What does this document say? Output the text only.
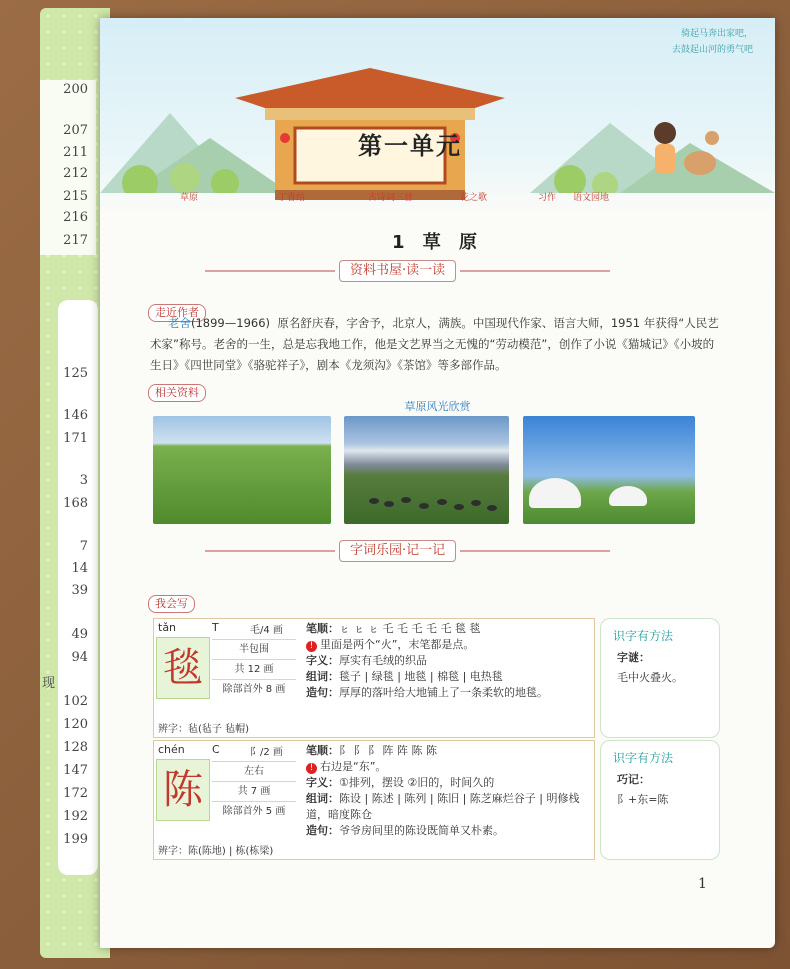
200
207
211
212
215
216
217
125
146
171
3
168
7
14
39
49
94
102
120
128
147
172
192
199
现
骑起马奔出家吧，
去鼓起山河的勇气吧
第一单元
草原	丁香结	古诗词三首	花之歌	习作 语文园地
1 草 原
资料书屋·读一读
走近作者
老舍(1899—1966) 原名舒庆春，字舍予，北京人，满族。中国现代作家、语言大师，1951 年获得“人民艺术家”称号。老舍的一生，总是忘我地工作，他是文艺界当之无愧的“劳动模范”，创作了小说《猫城记》《小坡的生日》《四世同堂》《骆驼祥子》，剧本《龙须沟》《茶馆》等多部作品。
相关资料
草原风光欣赏
字词乐园·记一记
我会写
tǎn	T	毛/4 画
毯	半包围
共 12 画
除部首外 8 画
辨字：毡(毡子 毡帽)
笔顺：ㇶ ㇶ ㇶ 乇 乇 乇 乇 乇 毯 毯
! 里面是两个“火”，末笔都是点。
字义：厚实有毛绒的织品
组词：毯子 | 绿毯 | 地毯 | 棉毯 | 电热毯
造句：厚厚的落叶给大地铺上了一条柔软的地毯。
chén C	阝/2 画
陈	左右
共 7 画
除部首外 5 画
辨字：陈(陈地) | 栋(栋梁)
笔顺：阝 阝 阝 阵 阵 陈 陈
! 右边是“东”。
字义：①排列，摆设 ②旧的，时间久的
组词：陈设 | 陈述 | 陈列 | 陈旧 | 陈芝麻烂谷子 | 明修栈道，暗度陈仓
造句：爷爷房间里的陈设既简单又朴素。
识字有方法
字谜：
毛中火叠火。
识字有方法
巧记：
阝+东=陈
1
